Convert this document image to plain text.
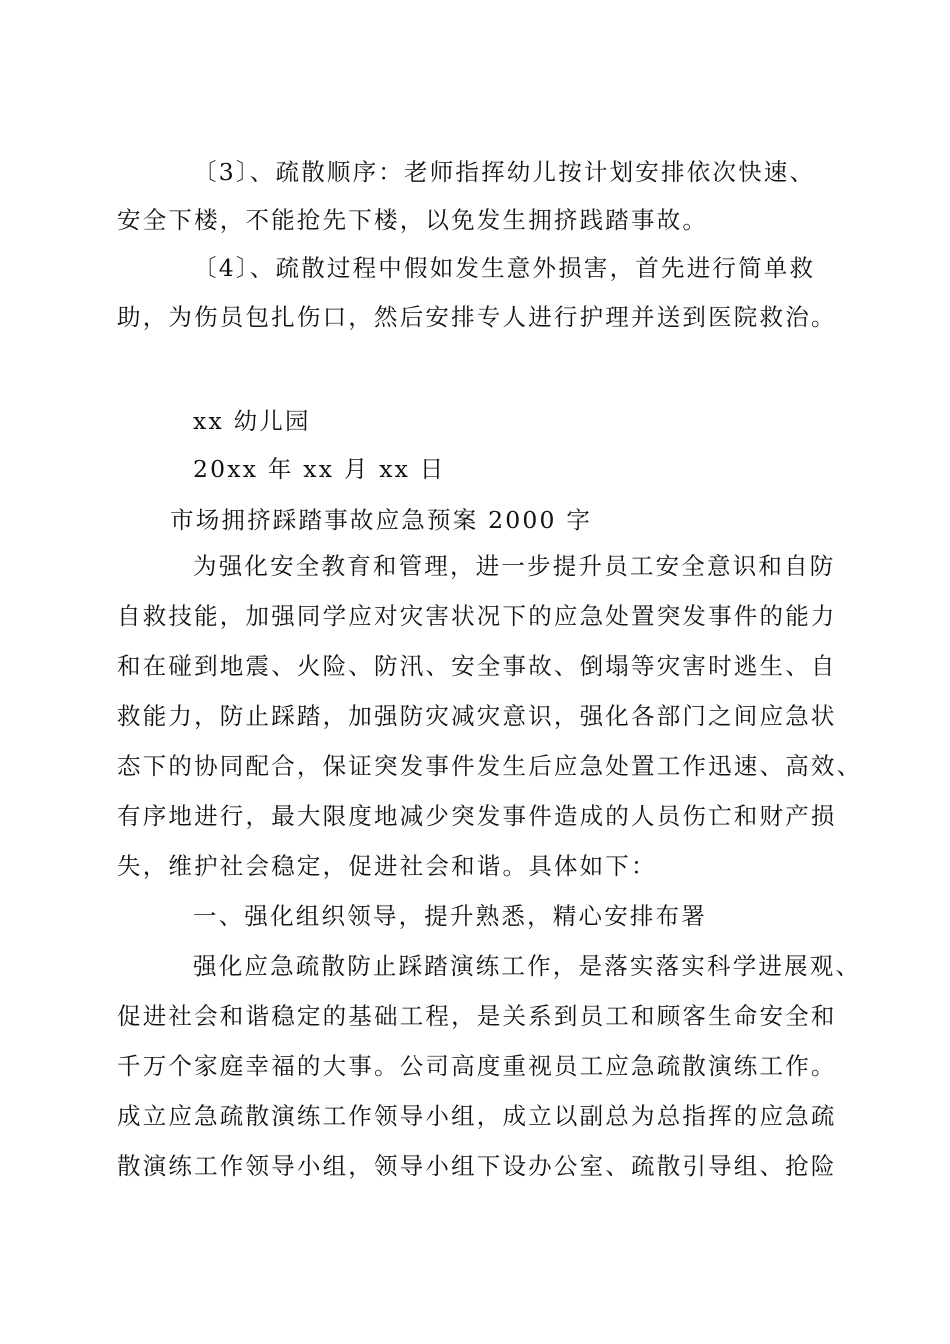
〔3〕、疏散顺序：老师指挥幼儿按计划安排依次快速、
安全下楼，不能抢先下楼，以免发生拥挤践踏事故。
〔4〕、疏散过程中假如发生意外损害，首先进行简单救
助，为伤员包扎伤口，然后安排专人进行护理并送到医院救治。
xx 幼儿园
20xx 年 xx 月 xx 日
市场拥挤踩踏事故应急预案 2000 字
为强化安全教育和管理，进一步提升员工安全意识和自防
自救技能，加强同学应对灾害状况下的应急处置突发事件的能力
和在碰到地震、火险、防汛、安全事故、倒塌等灾害时逃生、自
救能力，防止踩踏，加强防灾减灾意识，强化各部门之间应急状
态下的协同配合，保证突发事件发生后应急处置工作迅速、高效、
有序地进行，最大限度地减少突发事件造成的人员伤亡和财产损
失，维护社会稳定，促进社会和谐。具体如下：
一、强化组织领导，提升熟悉，精心安排布署
强化应急疏散防止踩踏演练工作，是落实落实科学进展观、
促进社会和谐稳定的基础工程，是关系到员工和顾客生命安全和
千万个家庭幸福的大事。公司高度重视员工应急疏散演练工作。
成立应急疏散演练工作领导小组，成立以副总为总指挥的应急疏
散演练工作领导小组，领导小组下设办公室、疏散引导组、抢险
